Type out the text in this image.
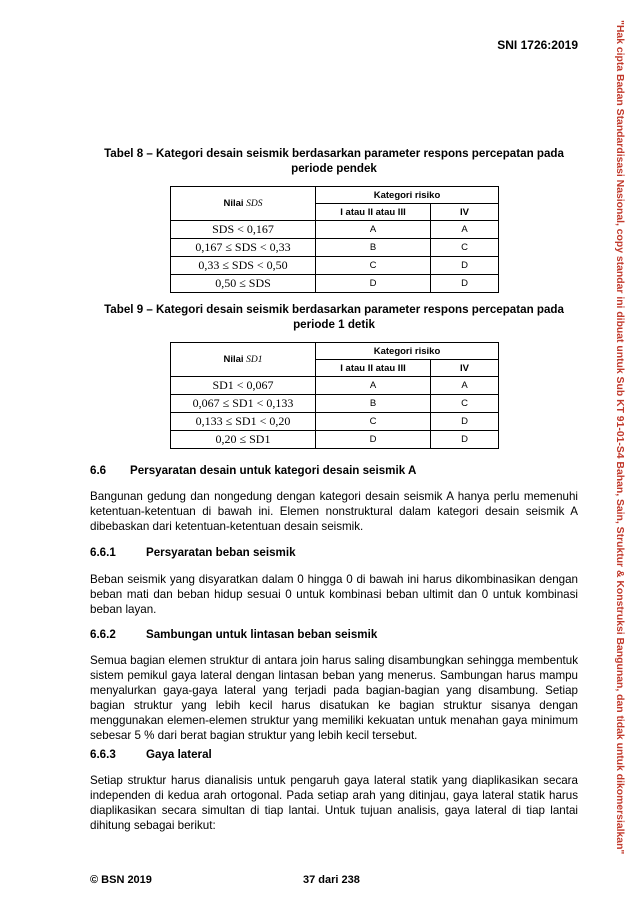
SNI 1726:2019	"Hak cipta Badan Standardisasi Nasional, copy standar ini dibuat untuk Sub KT 91-01-S4 Bahan, Sain, Struktur & Konstruksi Bangunan, dan tidak untuk dikomersialkan"
Tabel 8 – Kategori desain seismik berdasarkan parameter respons percepatan pada periode pendek
Nilai SDS	Kategori risiko	
	I atau II atau III	IV
SDS < 0,167	A	A
0,167 ≤ SDS < 0,33	B	C
0,33 ≤ SDS < 0,50	C	D
0,50 ≤ SDS	D	D
Tabel 9 – Kategori desain seismik berdasarkan parameter respons percepatan pada periode 1 detik
Nilai SD1	Kategori risiko	
	I atau II atau III	IV
SD1 < 0,067	A	A
0,067 ≤ SD1 < 0,133	B	C
0,133 ≤ SD1 < 0,20	C	D
0,20 ≤ SD1	D	D
6.6 Persyaratan desain untuk kategori desain seismik A
Bangunan gedung dan nongedung dengan kategori desain seismik A hanya perlu memenuhi ketentuan-ketentuan di bawah ini. Elemen nonstruktural dalam kategori desain seismik A dibebaskan dari ketentuan-ketentuan desain seismik.
6.6.1	Persyaratan beban seismik
Beban seismik yang disyaratkan dalam 0 hingga 0 di bawah ini harus dikombinasikan dengan beban mati dan beban hidup sesuai 0 untuk kombinasi beban ultimit dan 0 untuk kombinasi beban layan.
6.6.2	Sambungan untuk lintasan beban seismik
Semua bagian elemen struktur di antara join harus saling disambungkan sehingga membentuk sistem pemikul gaya lateral dengan lintasan beban yang menerus. Sambungan harus mampu menyalurkan gaya-gaya lateral yang terjadi pada bagian-bagian yang disambung. Setiap bagian struktur yang lebih kecil harus disatukan ke bagian struktur sisanya dengan menggunakan elemen-elemen struktur yang memiliki kekuatan untuk menahan gaya minimum sebesar 5 % dari berat bagian struktur yang lebih kecil tersebut.
6.6.3	Gaya lateral
Setiap struktur harus dianalisis untuk pengaruh gaya lateral statik yang diaplikasikan secara independen di kedua arah ortogonal. Pada setiap arah yang ditinjau, gaya lateral statik harus diaplikasikan secara simultan di tiap lantai. Untuk tujuan analisis, gaya lateral di tiap lantai dihitung sebagai berikut:
© BSN 2019	37 dari 238
